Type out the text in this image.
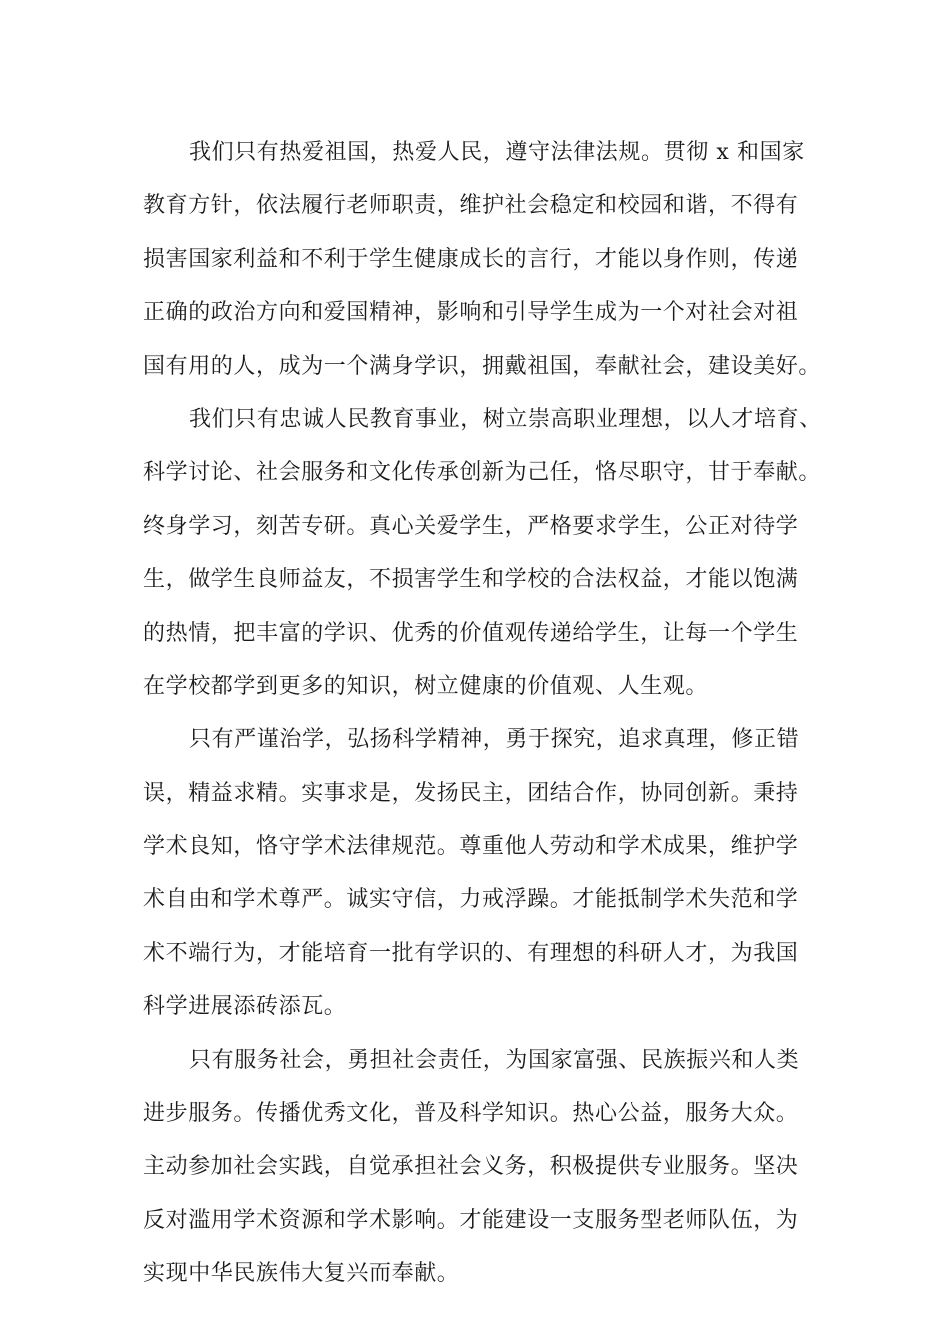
我们只有热爱祖国，热爱人民，遵守法律法规。贯彻 x 和国家
教育方针，依法履行老师职责，维护社会稳定和校园和谐，不得有
损害国家利益和不利于学生健康成长的言行，才能以身作则，传递
正确的政治方向和爱国精神，影响和引导学生成为一个对社会对祖
国有用的人，成为一个满身学识，拥戴祖国，奉献社会，建设美好。
我们只有忠诚人民教育事业，树立崇高职业理想，以人才培育、
科学讨论、社会服务和文化传承创新为己任，恪尽职守，甘于奉献。
终身学习，刻苦专研。真心关爱学生，严格要求学生，公正对待学
生，做学生良师益友，不损害学生和学校的合法权益，才能以饱满
的热情，把丰富的学识、优秀的价值观传递给学生，让每一个学生
在学校都学到更多的知识，树立健康的价值观、人生观。
只有严谨治学，弘扬科学精神，勇于探究，追求真理，修正错
误，精益求精。实事求是，发扬民主，团结合作，协同创新。秉持
学术良知，恪守学术法律规范。尊重他人劳动和学术成果，维护学
术自由和学术尊严。诚实守信，力戒浮躁。才能抵制学术失范和学
术不端行为，才能培育一批有学识的、有理想的科研人才，为我国
科学进展添砖添瓦。
只有服务社会，勇担社会责任，为国家富强、民族振兴和人类
进步服务。传播优秀文化，普及科学知识。热心公益，服务大众。
主动参加社会实践，自觉承担社会义务，积极提供专业服务。坚决
反对滥用学术资源和学术影响。才能建设一支服务型老师队伍，为
实现中华民族伟大复兴而奉献。
